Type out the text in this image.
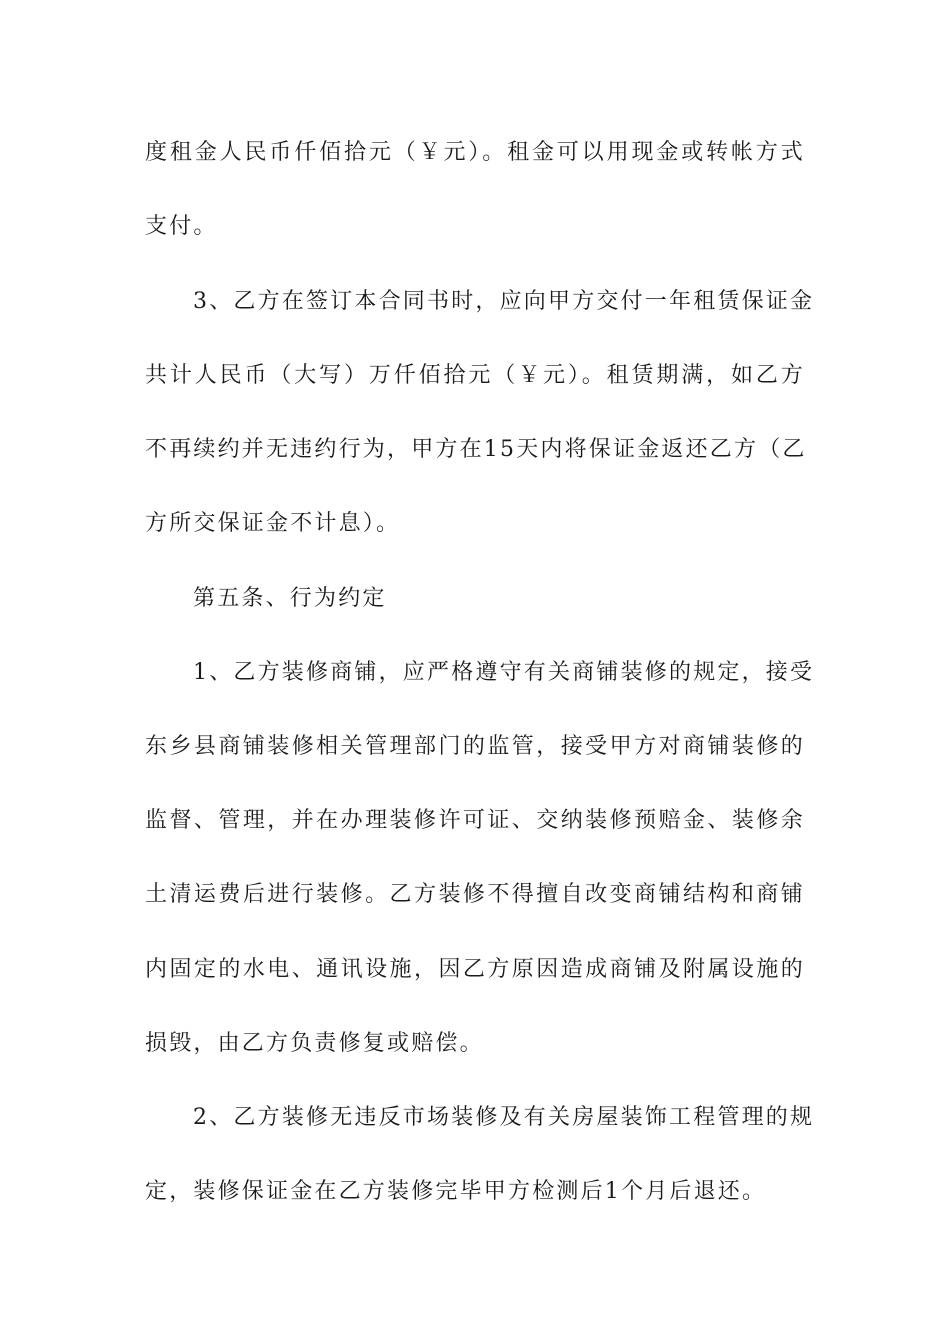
度租金人民币仟佰拾元（￥元）。租金可以用现金或转帐方式
支付。
3、乙方在签订本合同书时，应向甲方交付一年租赁保证金
共计人民币（大写）万仟佰拾元（￥元）。租赁期满，如乙方
不再续约并无违约行为，甲方在15天内将保证金返还乙方（乙
方所交保证金不计息）。
第五条、行为约定
1、乙方装修商铺，应严格遵守有关商铺装修的规定，接受
东乡县商铺装修相关管理部门的监管，接受甲方对商铺装修的
监督、管理，并在办理装修许可证、交纳装修预赔金、装修余
土清运费后进行装修。乙方装修不得擅自改变商铺结构和商铺
内固定的水电、通讯设施，因乙方原因造成商铺及附属设施的
损毁，由乙方负责修复或赔偿。
2、乙方装修无违反市场装修及有关房屋装饰工程管理的规
定，装修保证金在乙方装修完毕甲方检测后1个月后退还。
